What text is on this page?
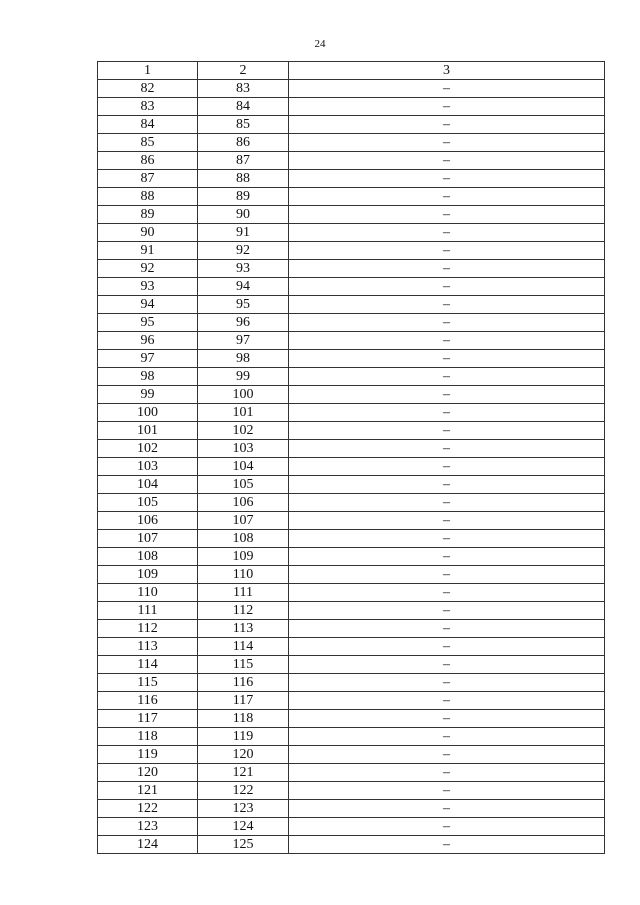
24
1	2	3
82	83	–
83	84	–
84	85	–
85	86	–
86	87	–
87	88	–
88	89	–
89	90	–
90	91	–
91	92	–
92	93	–
93	94	–
94	95	–
95	96	–
96	97	–
97	98	–
98	99	–
99	100	–
100	101	–
101	102	–
102	103	–
103	104	–
104	105	–
105	106	–
106	107	–
107	108	–
108	109	–
109	110	–
110	111	–
111	112	–
112	113	–
113	114	–
114	115	–
115	116	–
116	117	–
117	118	–
118	119	–
119	120	–
120	121	–
121	122	–
122	123	–
123	124	–
124	125	–
